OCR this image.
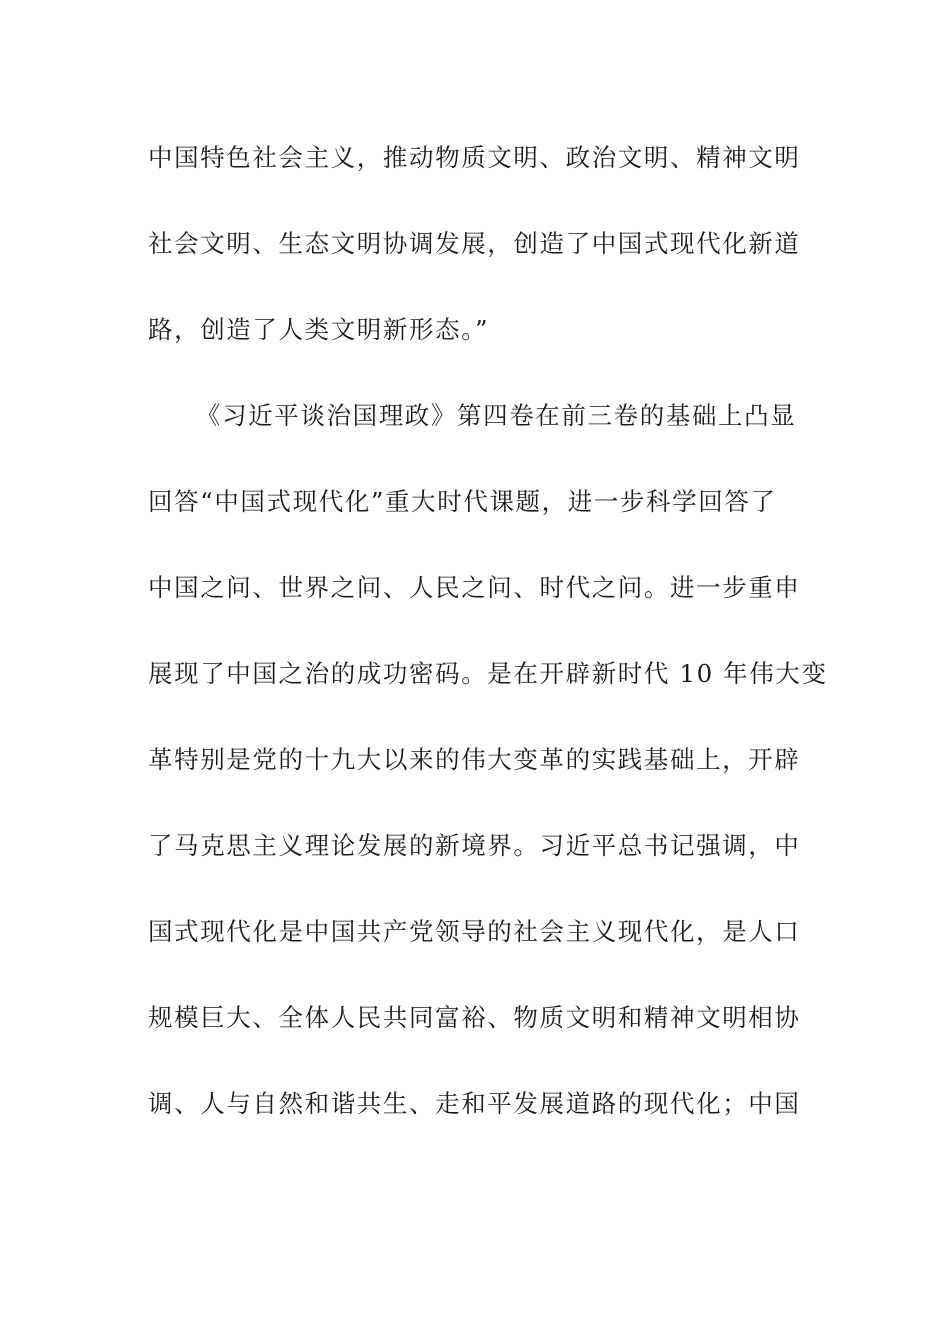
中国特色社会主义，推动物质文明、政治文明、精神文明
社会文明、生态文明协调发展，创造了中国式现代化新道
路，创造了人类文明新形态。”
《习近平谈治国理政》第四卷在前三卷的基础上凸显
回答“中国式现代化”重大时代课题，进一步科学回答了
中国之问、世界之问、人民之问、时代之问。进一步重申
展现了中国之治的成功密码。是在开辟新时代 10 年伟大变
革特别是党的十九大以来的伟大变革的实践基础上，开辟
了马克思主义理论发展的新境界。习近平总书记强调，中
国式现代化是中国共产党领导的社会主义现代化，是人口
规模巨大、全体人民共同富裕、物质文明和精神文明相协
调、人与自然和谐共生、走和平发展道路的现代化；中国
